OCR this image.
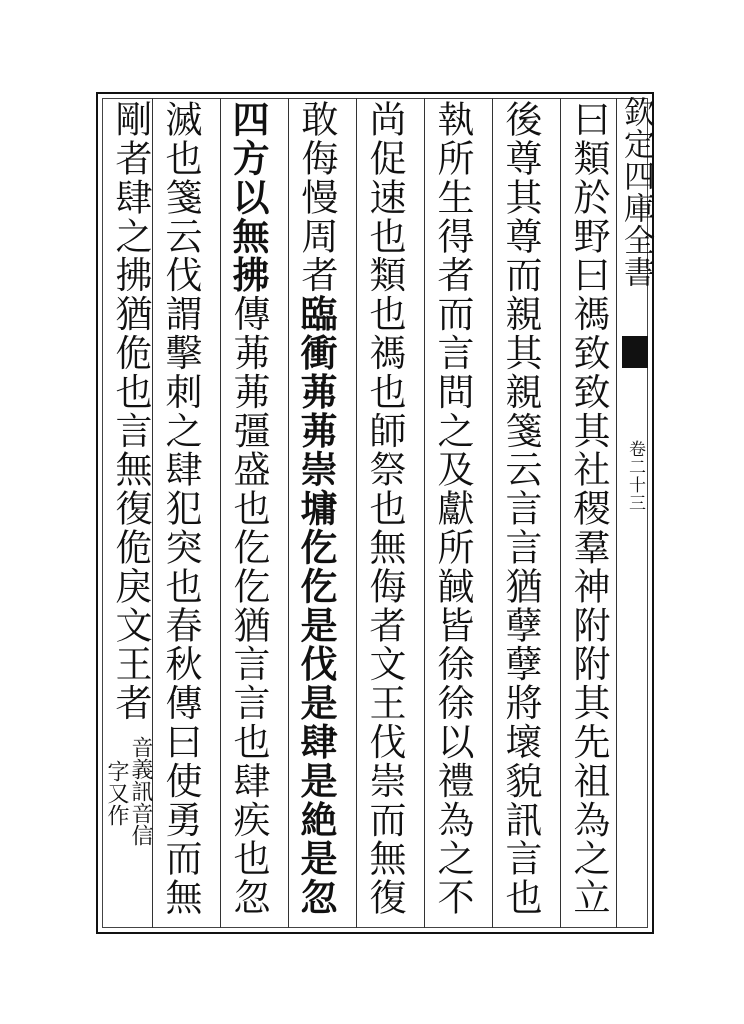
欽定四庫全書
卷二十三
曰類於野曰禡致致其社稷羣神附附其先祖為之立
後尊其尊而親其親箋云言言猶孽孽將壞貌訊言也
執所生得者而言問之及獻所馘皆徐徐以禮為之不
尚促速也類也禡也師祭也無侮者文王伐崇而無復
敢侮慢周者臨衝茀茀崇墉仡仡是伐是肆是絶是忽
四方以無拂傳茀茀彊盛也仡仡猶言言也肆疾也忽
滅也箋云伐謂擊刺之肆犯突也春秋傳曰使勇而無
剛者肆之拂猶佹也言無復佹戾文王者
音義訊音信
字又作
